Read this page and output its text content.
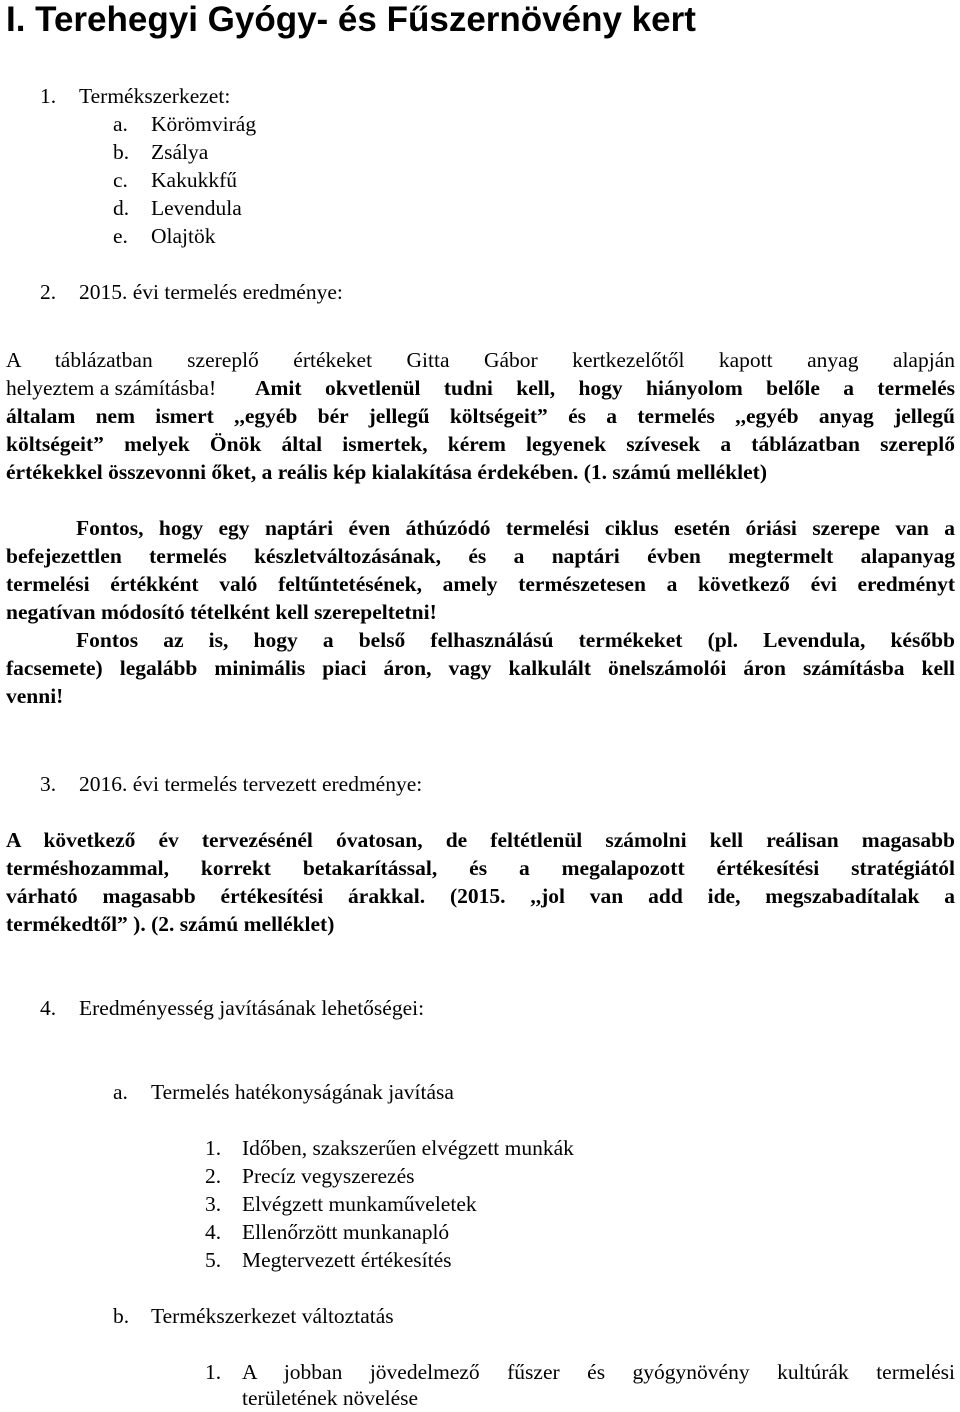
I. Terehegyi Gyógy- és Fűszernövény kert
1. Termékszerkezet:
a. Körömvirág
b. Zsálya
c. Kakukkfű
d. Levendula
e. Olajtök
2. 2015. évi termelés eredménye:
A táblázatban szereplő értékeket Gitta Gábor kertkezelőtől kapott anyag alapján
helyeztem a számításba! Amit okvetlenül tudni kell, hogy hiányolom belőle a termelés
általam nem ismert ,,egyéb bér jellegű költségeit” és a termelés ,,egyéb anyag jellegű
költségeit” melyek Önök által ismertek, kérem legyenek szívesek a táblázatban szereplő
értékekkel összevonni őket, a reális kép kialakítása érdekében. (1. számú melléklet)
Fontos, hogy egy naptári éven áthúzódó termelési ciklus esetén óriási szerepe van a
befejezettlen termelés készletváltozásának, és a naptári évben megtermelt alapanyag
termelési értékként való feltűntetésének, amely természetesen a következő évi eredményt
negatívan módosító tételként kell szerepeltetni!
Fontos az is, hogy a belső felhasználású termékeket (pl. Levendula, később
facsemete) legalább minimális piaci áron, vagy kalkulált önelszámolói áron számításba kell
venni!
3. 2016. évi termelés tervezett eredménye:
A következő év tervezésénél óvatosan, de feltétlenül számolni kell reálisan magasabb
terméshozammal, korrekt betakarítással, és a megalapozott értékesítési stratégiától
várható magasabb értékesítési árakkal. (2015. ,,jol van add ide, megszabadítalak a
termékedtől” ). (2. számú melléklet)
4. Eredményesség javításának lehetőségei:
a. Termelés hatékonyságának javítása
1. Időben, szakszerűen elvégzett munkák
2. Precíz vegyszerezés
3. Elvégzett munkaműveletek
4. Ellenőrzött munkanapló
5. Megtervezett értékesítés
b. Termékszerkezet változtatás
1. A jobban jövedelmező fűszer és gyógynövény kultúrák termelési
területének növelése
